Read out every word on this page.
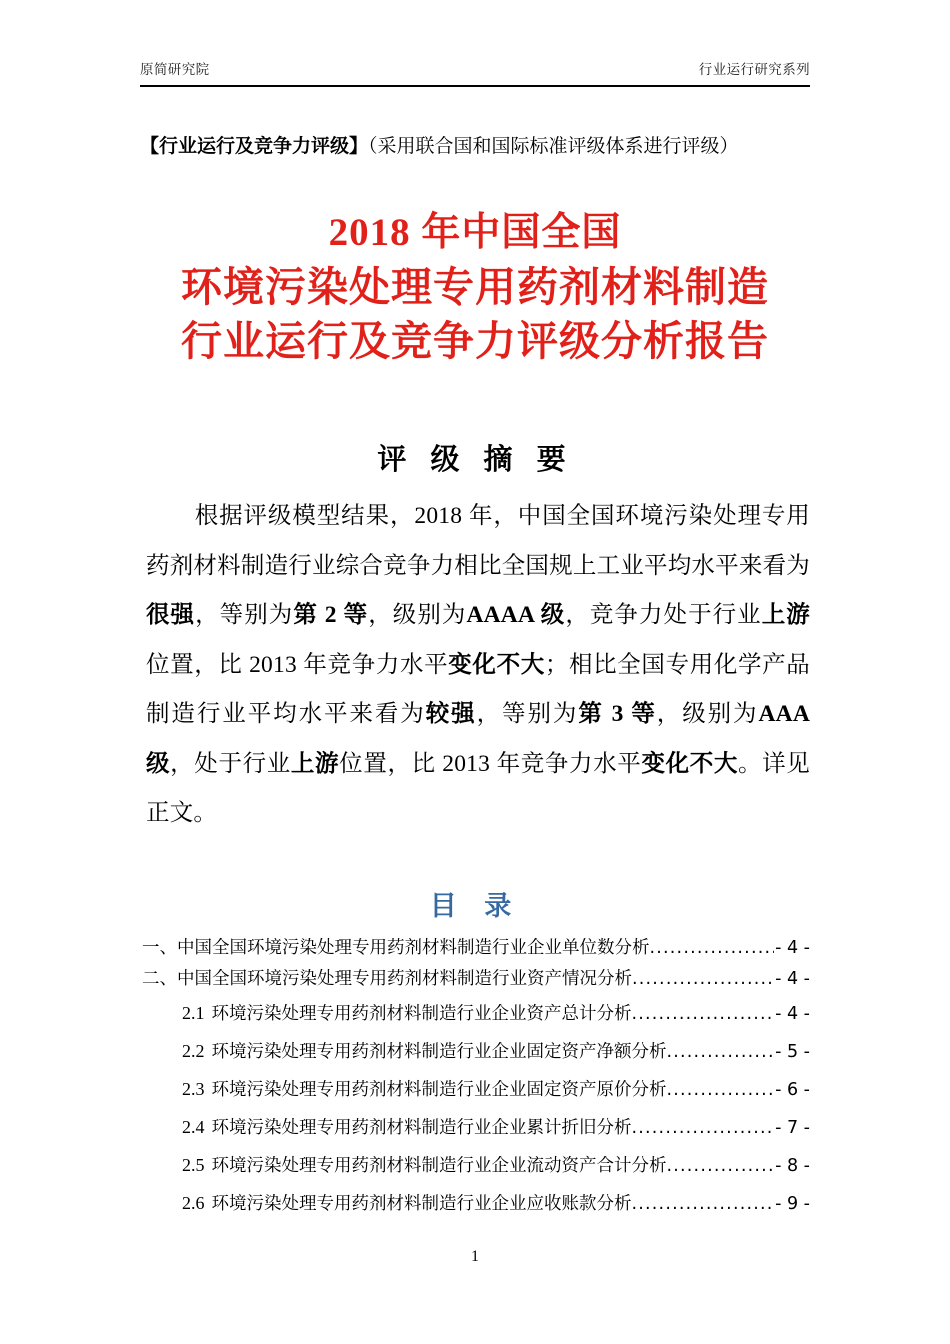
原简研究院	行业运行研究系列
【行业运行及竞争力评级】（采用联合国和国际标准评级体系进行评级）
2018 年中国全国
环境污染处理专用药剂材料制造
行业运行及竞争力评级分析报告
评 级 摘 要
根据评级模型结果，2018 年，中国全国环境污染处理专用药剂材料制造行业综合竞争力相比全国规上工业平均水平来看为很强，等别为第 2 等，级别为AAAA 级，竞争力处于行业上游位置，比 2013 年竞争力水平变化不大；相比全国专用化学产品制造行业平均水平来看为较强，等别为第 3 等，级别为AAA 级，处于行业上游位置，比 2013 年竞争力水平变化不大。详见正文。
目 录
一、 中国全国环境污染处理专用药剂材料制造行业企业单位数分析 .....	- 4 -
二、 中国全国环境污染处理专用药剂材料制造行业资产情况分析 .....	- 4 -
2.1 环境污染处理专用药剂材料制造行业企业资产总计分析 .....	- 4 -
2.2 环境污染处理专用药剂材料制造行业企业固定资产净额分析 .....	- 5 -
2.3 环境污染处理专用药剂材料制造行业企业固定资产原价分析 .....	- 6 -
2.4 环境污染处理专用药剂材料制造行业企业累计折旧分析 .....	- 7 -
2.5 环境污染处理专用药剂材料制造行业企业流动资产合计分析 .....	- 8 -
2.6 环境污染处理专用药剂材料制造行业企业应收账款分析 .....	- 9 -
1
